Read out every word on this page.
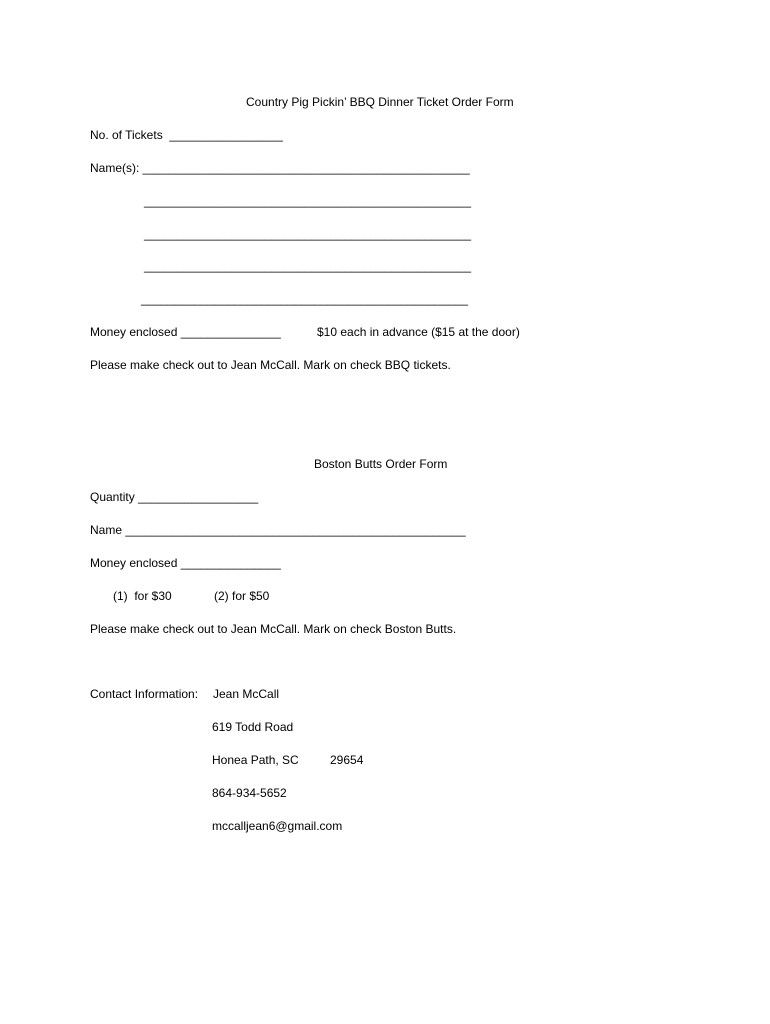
Country Pig Pickin’ BBQ Dinner Ticket Order Form
No. of Tickets  _________________
Name(s): _________________________________________________
_________________________________________________
_________________________________________________
_________________________________________________
_________________________________________________
Money enclosed _______________	$10 each in advance ($15 at the door)
Please make check out to Jean McCall. Mark on check BBQ tickets.
Boston Butts Order Form
Quantity __________________
Name ___________________________________________________
Money enclosed _______________
(1)  for $30	(2) for $50
Please make check out to Jean McCall. Mark on check Boston Butts.
Contact Information: Jean McCall
619 Todd Road
Honea Path, SC	29654
864-934-5652
mccalljean6@gmail.com
